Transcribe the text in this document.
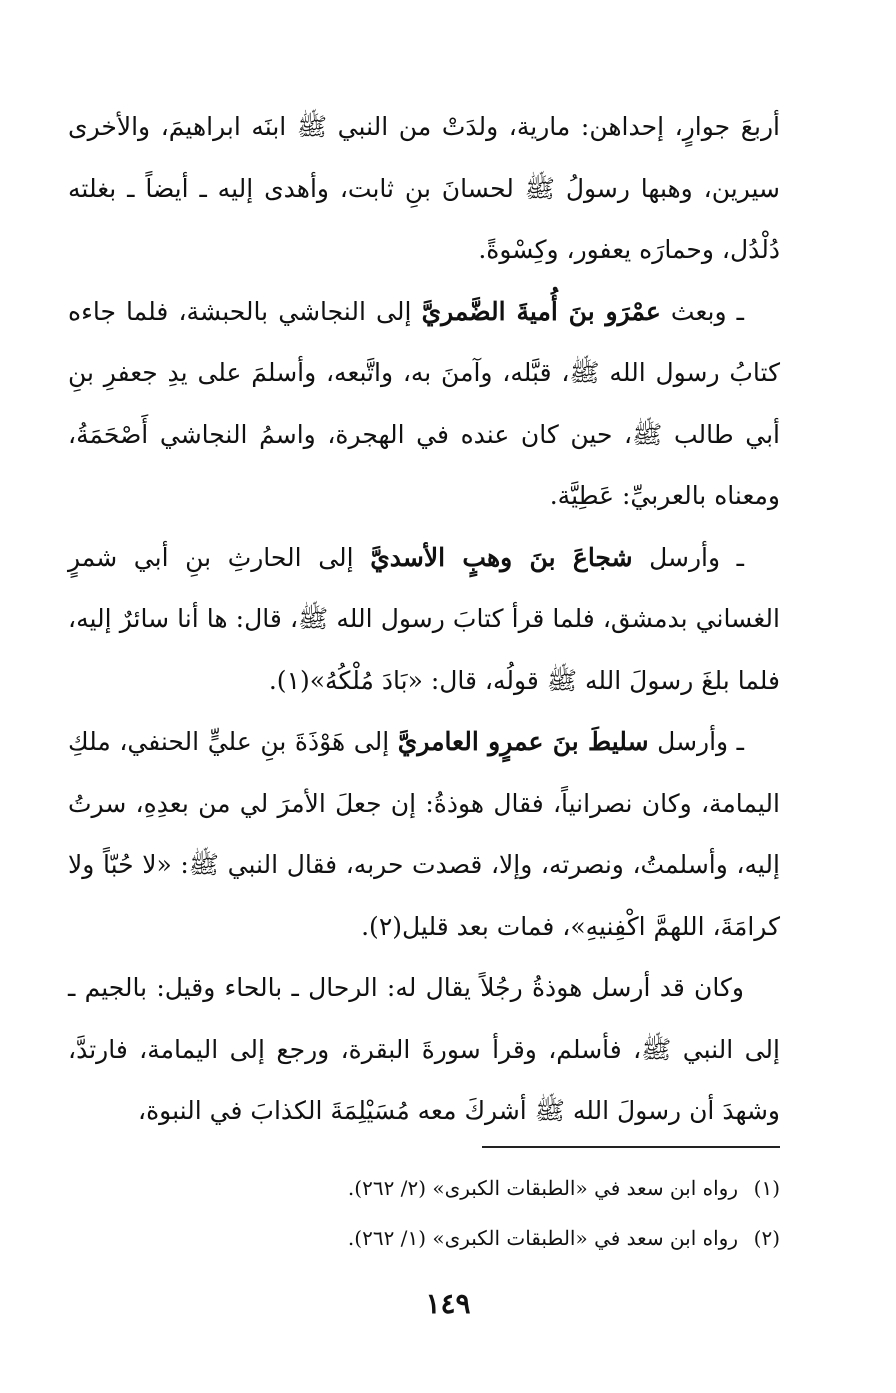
أربعَ جوارٍ، إحداهن: مارية، ولدَتْ من النبي ﷺ ابنَه ابراهيمَ، والأخرى سيرين، وهبها رسولُ ﷺ لحسانَ بنِ ثابت، وأهدى إليه ـ أيضاً ـ بغلته دُلْدُل، وحمارَه يعفور، وكِسْوةً.

ـ وبعث عمْرَو بنَ أُميةَ الضَّمريَّ إلى النجاشي بالحبشة، فلما جاءه كتابُ رسول الله ﷺ، قبَّله، وآمنَ به، واتَّبعه، وأسلمَ على يدِ جعفرِ بنِ أبي طالب ﷺ، حين كان عنده في الهجرة، واسمُ النجاشي أَصْحَمَةُ، ومعناه بالعربيِّ: عَطِيَّة.

ـ وأرسل شجاعَ بنَ وهبٍ الأسديَّ إلى الحارثِ بنِ أبي شمرٍ الغساني بدمشق، فلما قرأ كتابَ رسول الله ﷺ، قال: ها أنا سائرٌ إليه، فلما بلغَ رسولَ الله ﷺ قولُه، قال: «بَادَ مُلْكُهُ»(١).

ـ وأرسل سليطَ بنَ عمرٍو العامريَّ إلى هَوْذَةَ بنِ عليٍّ الحنفي، ملكِ اليمامة، وكان نصرانياً، فقال هوذةُ: إن جعلَ الأمرَ لي من بعدِهِ، سرتُ إليه، وأسلمتُ، ونصرته، وإلا، قصدت حربه، فقال النبي ﷺ: «لا حُبّاً ولا كرامَةَ، اللهمَّ اكْفِنيهِ»، فمات بعد قليل(٢).

وكان قد أرسل هوذةُ رجُلاً يقال له: الرحال ـ بالحاء وقيل: بالجيم ـ إلى النبي ﷺ، فأسلم، وقرأ سورةَ البقرة، ورجع إلى اليمامة، فارتدَّ، وشهدَ أن رسولَ الله ﷺ أشركَ معه مُسَيْلِمَةَ الكذابَ في النبوة،

(١)رواه ابن سعد في «الطبقات الكبرى» (٢/ ٢٦٢).
(٢)رواه ابن سعد في «الطبقات الكبرى» (١/ ٢٦٢).
١٤٩
